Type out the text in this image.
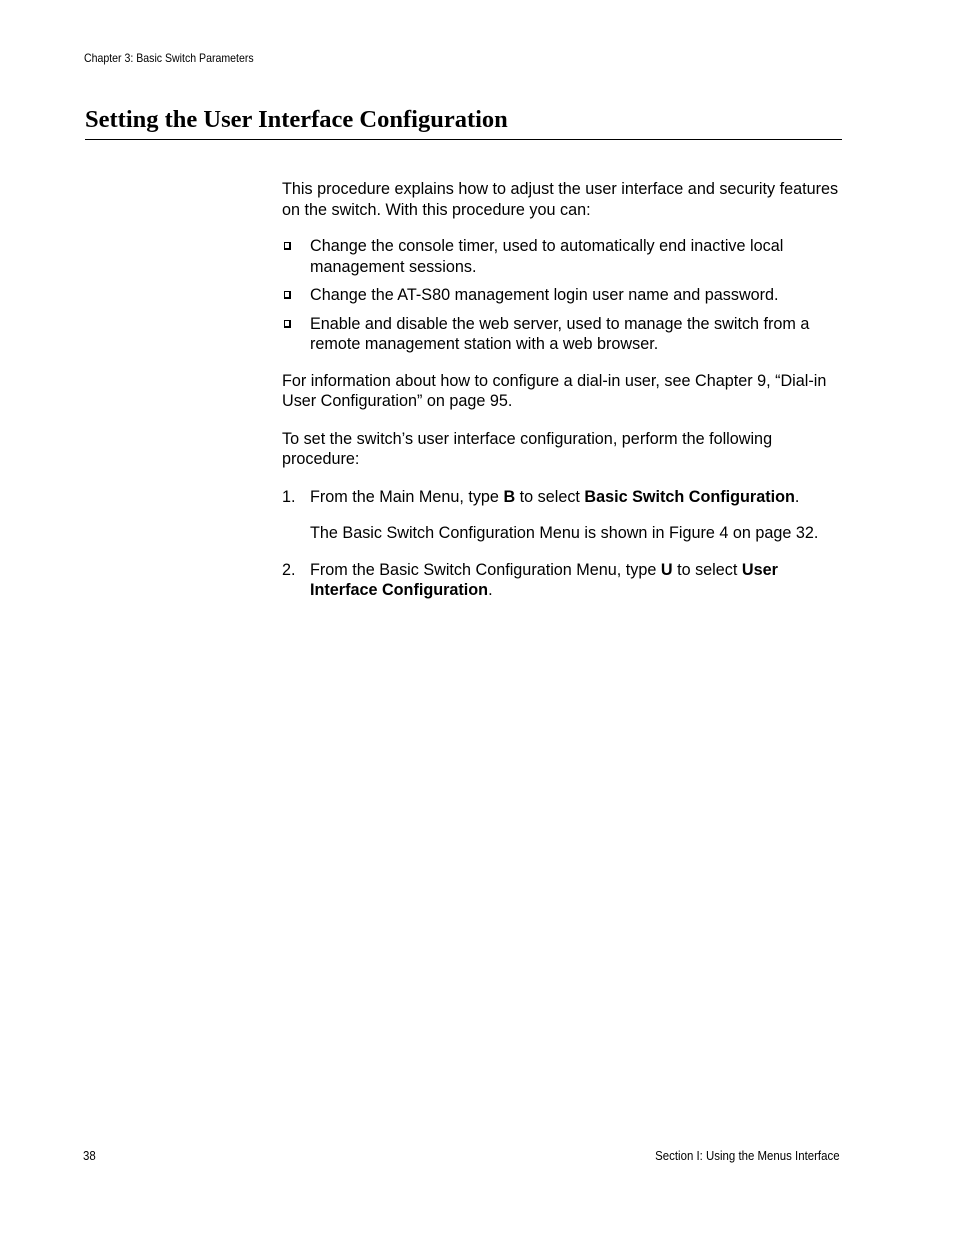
Chapter 3: Basic Switch Parameters
Setting the User Interface Configuration

This procedure explains how to adjust the user interface and security features on the switch. With this procedure you can:

Change the console timer, used to automatically end inactive local management sessions.
Change the AT-S80 management login user name and password.
Enable and disable the web server, used to manage the switch from a remote management station with a web browser.

For information about how to configure a dial-in user, see Chapter 9, “Dial-in User Configuration” on page 95.

To set the switch’s user interface configuration, perform the following procedure:

1. From the Main Menu, type B to select Basic Switch Configuration.

The Basic Switch Configuration Menu is shown in Figure 4 on page 32.

2. From the Basic Switch Configuration Menu, type U to select User Interface Configuration.
38	Section I: Using the Menus Interface
